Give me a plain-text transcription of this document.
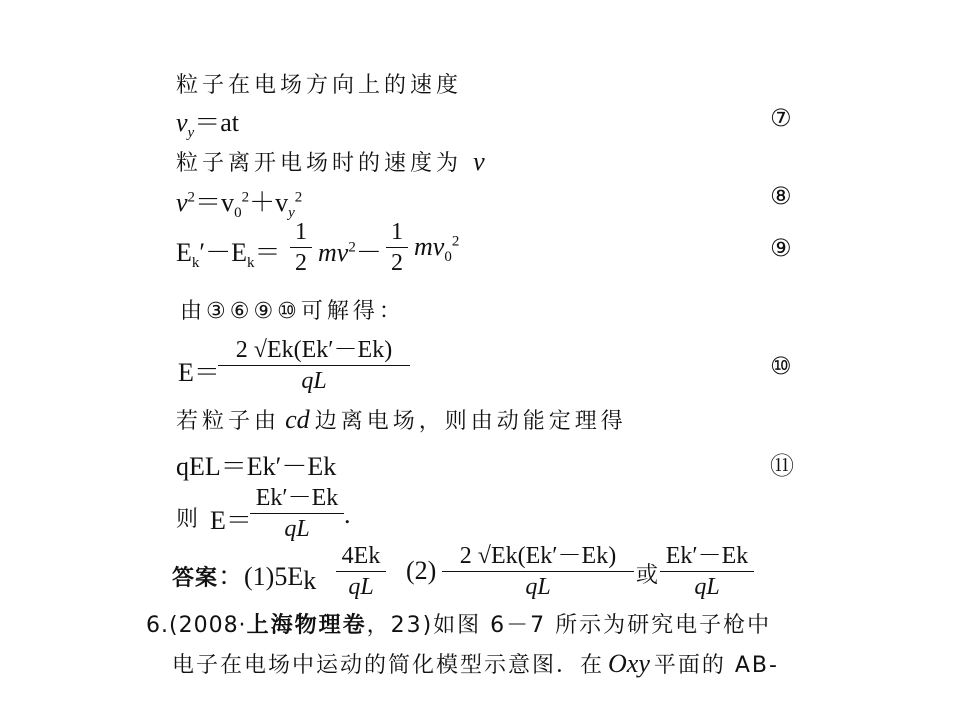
粒子在电场方向上的速度
$v_y=at$	⑦
粒子离开电场时的速度为 v
$v^2=v_0^2+v_y^2$	⑧
$E_k'-E_k=$
1
2 $mv^2-$
1
2
$mv_0^2$	⑨
由③⑥⑨⑩可解得：
E＝
2 √Ek(Ek′－Ek)
qL
⑩
若粒子由 cd 边离电场，则由动能定理得
qEL＝Ek′－Ek	⑪
则 E＝
Ek′－Ek
qL	.
答案：$(1)5E_k$
4Ek
qL
(2) 2 √Ek(Ek′－Ek)
qL	或
Ek′－Ek
qL
6.(2008·上海物理卷，23)如图 6－7 所示为研究电子枪中
电子在电场中运动的简化模型示意图．在 Oxy 平面的 AB-
